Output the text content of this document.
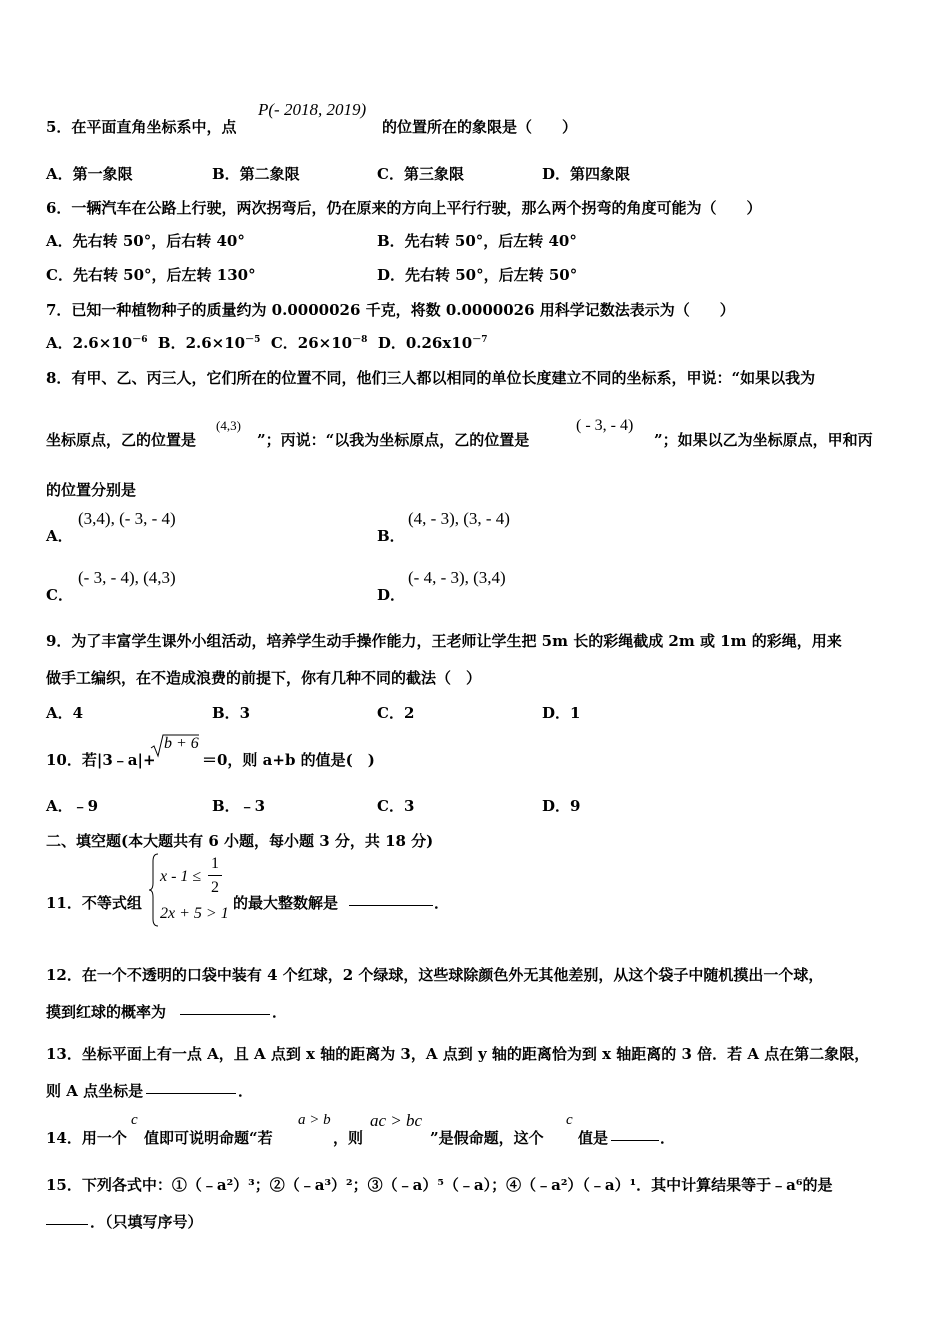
5．在平面直角坐标系中，点
P(- 2018, 2019)
的位置所在的象限是（　　）
A．第一象限	B．第二象限	C．第三象限	D．第四象限
6．一辆汽车在公路上行驶，两次拐弯后，仍在原来的方向上平行行驶，那么两个拐弯的角度可能为（　　）
A．先右转 50°，后右转 40°	B．先右转 50°，后左转 40°
C．先右转 50°，后左转 130°	D．先右转 50°，后左转 50°
7．已知一种植物种子的质量约为 0.0000026 千克，将数 0.0000026 用科学记数法表示为（　　）
A．$2.6\times 10^{-6}$ B．$2.6\times 10^{-5}$ C．$26\times 10^{-8}$ D．$0.26x10^{-7}$
8．有甲、乙、丙三人，它们所在的位置不同，他们三人都以相同的单位长度建立不同的坐标系，甲说：“如果以我为
坐标原点，乙的位置是
(4,3)
”；丙说：“以我为坐标原点，乙的位置是
( - 3, - 4)
”；如果以乙为坐标原点，甲和丙
的位置分别是
A．
(3,4), (- 3, - 4)
B．
(4, - 3), (3, - 4)
C．
(- 3, - 4), (4,3)
D．
(- 4, - 3), (3,4)
9．为了丰富学生课外小组活动，培养学生动手操作能力，王老师让学生把 5m 长的彩绳截成 2m 或 1m 的彩绳，用来
做手工编织，在不造成浪费的前提下，你有几种不同的截法（　）
A．4	B．3	C．2	D．1
10．若|3﹣a|+
b + 6
＝0，则 a+b 的值是(　)
A．﹣9	B．﹣3	C．3	D．9
二、填空题(本大题共有 6 小题，每小题 3 分，共 18 分)
11．不等式组
x - 1 ≤
1
2
2x + 5 > 1
的最大整数解是	．
12．在一个不透明的口袋中装有 4 个红球，2 个绿球，这些球除颜色外无其他差别，从这个袋子中随机摸出一个球，
摸到红球的概率为	．
13．坐标平面上有一点 A，且 A 点到 x 轴的距离为 3，A 点到 y 轴的距离恰为到 x 轴距离的 3 倍．若 A 点在第二象限，
则 A 点坐标是	．
14．用一个
c
值即可说明命题“若
a > b
，则
ac > bc
”是假命题，这个
c
值是	．
15．下列各式中：①（﹣a²）³；②（﹣a³）²；③（﹣a）⁵（﹣a）；④（﹣a²）（﹣a）¹．其中计算结果等于﹣a⁶的是
．（只填写序号）
